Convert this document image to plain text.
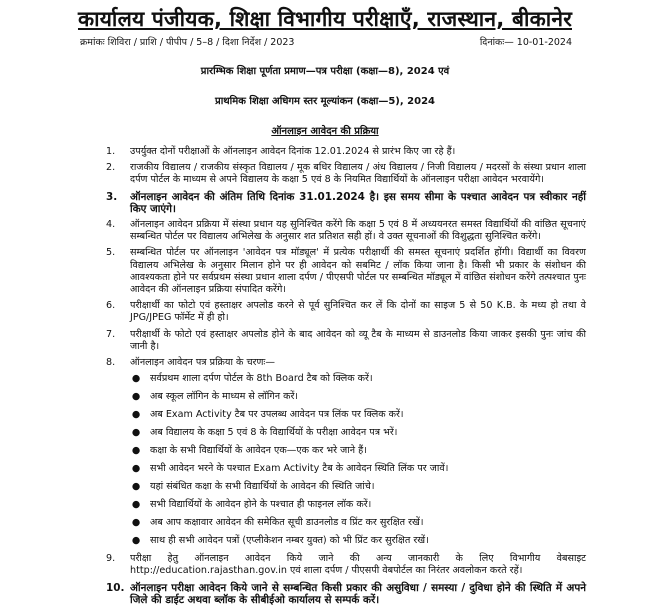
कार्यालय पंजीयक, शिक्षा विभागीय परीक्षाएँ, राजस्थान, बीकानेर
क्रमांकः शिविरा / प्राशि / पीपीप / 5–8 / दिशा निर्देश / 2023	दिनांकः— 10-01-2024
प्रारम्भिक शिक्षा पूर्णता प्रमाण—पत्र परीक्षा (कक्षा—8), 2024 एवं
प्राथमिक शिक्षा अधिगम स्तर मूल्यांकन (कक्षा—5), 2024
ऑनलाइन आवेदन की प्रक्रिया
1.	उपर्युक्त दोनों परीक्षाओं के ऑनलाइन आवेदन दिनांक 12.01.2024 से प्रारंभ किए जा रहे हैं।
2.	राजकीय विद्यालय / राजकीय संस्कृत विद्यालय / मूक बधिर विद्यालय / अंध विद्यालय / निजी विद्यालय / मदरसों के संस्था प्रधान शाला दर्पण पोर्टल के माध्यम से अपने विद्यालय के कक्षा 5 एवं 8 के नियमित विद्यार्थियों के ऑनलाइन परीक्षा आवेदन भरवायेंगे।
3.	ऑनलाइन आवेदन की अंतिम तिथि दिनांक 31.01.2024 है। इस समय सीमा के पश्चात आवेदन पत्र स्वीकार नहीं किए जाएंगे।
4.	ऑनलाइन आवेदन प्रक्रिया में संस्था प्रधान यह सुनिश्चित करेंगे कि कक्षा 5 एवं 8 में अध्ययनरत समस्त विद्यार्थियों की वांछित सूचनाएं सम्बन्धित पोर्टल पर विद्यालय अभिलेख के अनुसार शत प्रतिशत सही हों। वे उक्त सूचनाओं की विशुद्धता सुनिश्चित करेंगे।
5.	सम्बन्धित पोर्टल पर ऑनलाइन 'आवेदन पत्र मॉड्यूल' में प्रत्येक परीक्षार्थी की समस्त सूचनाएं प्रदर्शित होंगी। विद्यार्थी का विवरण विद्यालय अभिलेख के अनुसार मिलान होने पर ही आवेदन को सबमिट / लॉक किया जाना है। किसी भी प्रकार के संशोधन की आवश्यकता होने पर सर्वप्रथम संस्था प्रधान शाला दर्पण / पीएसपी पोर्टल पर सम्बन्धित मॉड्यूल में वांछित संशोधन करेंगे तत्पश्चात पुनः आवेदन की ऑनलाइन प्रक्रिया संपादित करेंगे।
6.	परीक्षार्थी का फोटो एवं हस्ताक्षर अपलोड करने से पूर्व सुनिश्चित कर लें कि दोनों का साइज 5 से 50 K.B. के मध्य हो तथा वे JPG/JPEG फॉर्मेट में ही हो।
7.	परीक्षार्थी के फोटो एवं हस्ताक्षर अपलोड होने के बाद आवेदन को व्यू टैब के माध्यम से डाउनलोड किया जाकर इसकी पुनः जांच की जानी है।
8.	ऑनलाइन आवेदन पत्र प्रक्रिया के चरणः—
●	सर्वप्रथम शाला दर्पण पोर्टल के 8th Board टैब को क्लिक करें।
●	अब स्कूल लॉगिन के माध्यम से लॉगिन करें।
●	अब Exam Activity टैब पर उपलब्ध आवेदन पत्र लिंक पर क्लिक करें।
●	अब विद्यालय के कक्षा 5 एवं 8 के विद्यार्थियों के परीक्षा आवेदन पत्र भरें।
●	कक्षा के सभी विद्यार्थियों के आवेदन एक—एक कर भरे जाने हैं।
●	सभी आवेदन भरने के पश्चात Exam Activity टैब के आवेदन स्थिति लिंक पर जावें।
●	यहां संबंधित कक्षा के सभी विद्यार्थियों के आवेदन की स्थिति जांचे।
●	सभी विद्यार्थियों के आवेदन होने के पश्चात ही फाइनल लॉक करें।
●	अब आप कक्षावार आवेदन की समेकित सूची डाउनलोड व प्रिंट कर सुरक्षित रखें।
●	साथ ही सभी आवेदन पत्रों (एप्लीकेशन नम्बर युक्त) को भी प्रिंट कर सुरक्षित रखें।
9.	परीक्षा हेतु ऑनलाइन आवेदन किये जाने की अन्य जानकारी के लिए विभागीय वेबसाइट http://education.rajasthan.gov.in एवं शाला दर्पण / पीएसपी वेबपोर्टल का निरंतर अवलोकन करते रहें।
10. ऑनलाइन परीक्षा आवेदन किये जाने से सम्बन्धित किसी प्रकार की असुविधा / समस्या / दुविधा होने की स्थिति में अपने जिले की डाईट अथवा ब्लॉक के सीबीईओ कार्यालय से सम्पर्क करें।
